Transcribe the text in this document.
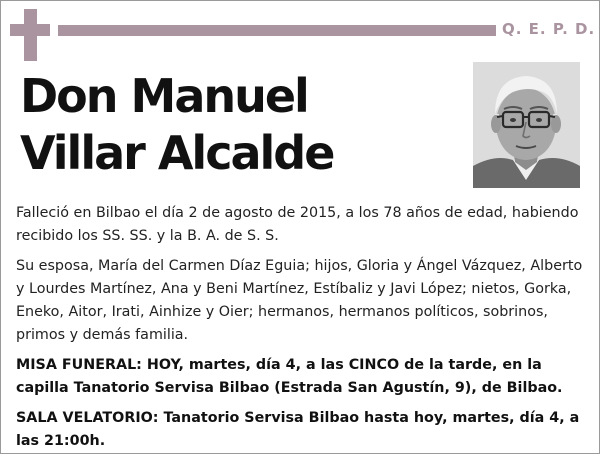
Q. E. P. D.
Don Manuel
Villar Alcalde

Falleció en Bilbao el día 2 de agosto de 2015, a los 78 años de edad, habiendo recibido los SS. SS. y la B. A. de S. S.

Su esposa, María del Carmen Díaz Eguia; hijos, Gloria y Ángel Vázquez, Alberto y Lourdes Martínez, Ana y Beni Martínez, Estíbaliz y Javi López; nietos, Gorka, Eneko, Aitor, Irati, Ainhize y Oier; hermanos, hermanos políticos, sobrinos, primos y demás familia.

MISA FUNERAL: HOY, martes, día 4, a las CINCO de la tarde, en la capilla Tanatorio Servisa Bilbao (Estrada San Agustín, 9), de Bilbao.

SALA VELATORIO: Tanatorio Servisa Bilbao hasta hoy, martes, día 4, a las 21:00h.
